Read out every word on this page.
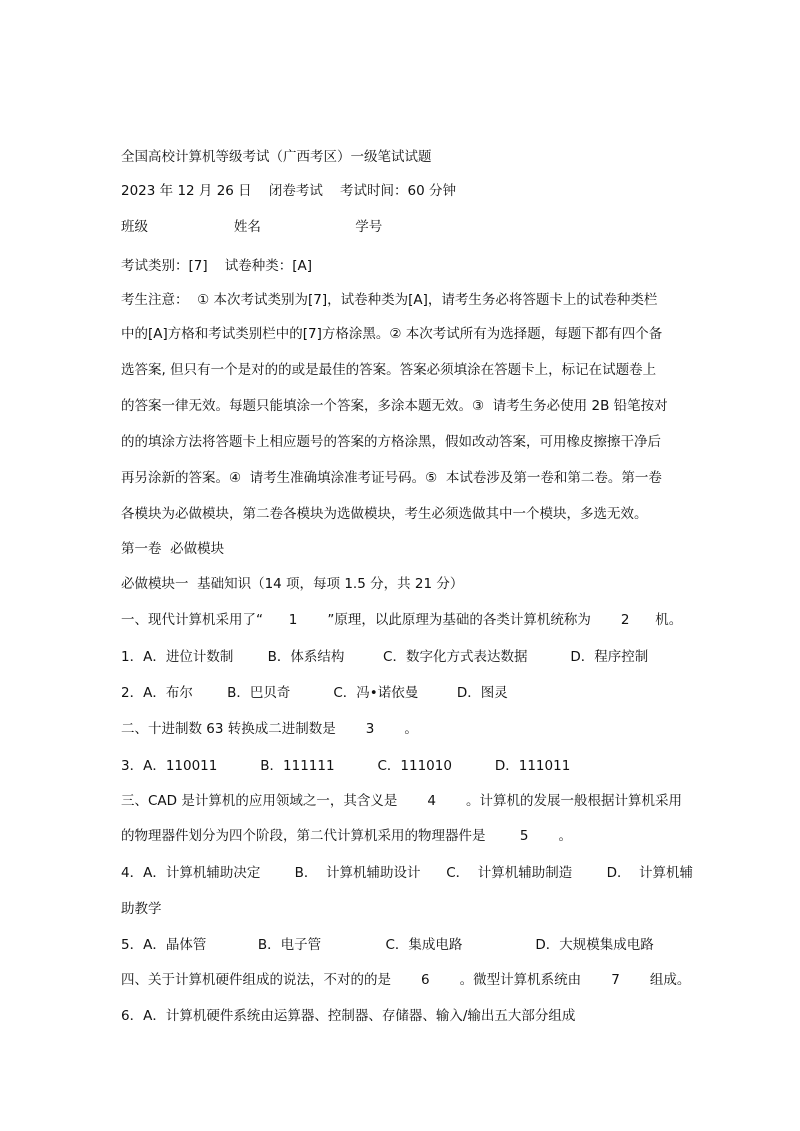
全国高校计算机等级考试（广西考区）一级笔试试题
2023 年 12 月 26 日    闭卷考试    考试时间：60 分钟
班级                    姓名                      学号
考试类别：[7]    试卷种类：[A]
考生注意：  ① 本次考试类别为[7]，试卷种类为[A]，请考生务必将答题卡上的试卷种类栏
中的[A]方格和考试类别栏中的[7]方格涂黑。② 本次考试所有为选择题，每题下都有四个备
选答案, 但只有一个是对的的或是最佳的答案。答案必须填涂在答题卡上，标记在试题卷上
的答案一律无效。每题只能填涂一个答案，多涂本题无效。③  请考生务必使用 2B 铅笔按对
的的填涂方法将答题卡上相应题号的答案的方格涂黑，假如改动答案，可用橡皮擦擦干净后
再另涂新的答案。④  请考生准确填涂准考证号码。⑤  本试卷涉及第一卷和第二卷。第一卷
各模块为必做模块，第二卷各模块为选做模块，考生必须选做其中一个模块，多选无效。
第一卷  必做模块
必做模块一  基础知识（14 项，每项 1.5 分，共 21 分）
一、现代计算机采用了“      1       ”原理，以此原理为基础的各类计算机统称为       2      机。
1．A．进位计数制        B．体系结构         C．数字化方式表达数据          D．程序控制
2．A．布尔        B．巴贝奇          C．冯•诺依曼         D．图灵
二、十进制数 63 转换成二进制数是       3       。
3．A．110011          B．111111          C．111010          D．111011
三、CAD 是计算机的应用领域之一，其含义是       4       。计算机的发展一般根据计算机采用
的物理器件划分为四个阶段，第二代计算机采用的物理器件是        5       。
4．A．计算机辅助决定        B．  计算机辅助设计      C．  计算机辅助制造        D．  计算机辅
助教学
5．A．晶体管            B．电子管               C．集成电路                 D．大规模集成电路
四、关于计算机硬件组成的说法，不对的的是       6       。微型计算机系统由       7       组成。
6．A．计算机硬件系统由运算器、控制器、存储器、输入/输出五大部分组成
